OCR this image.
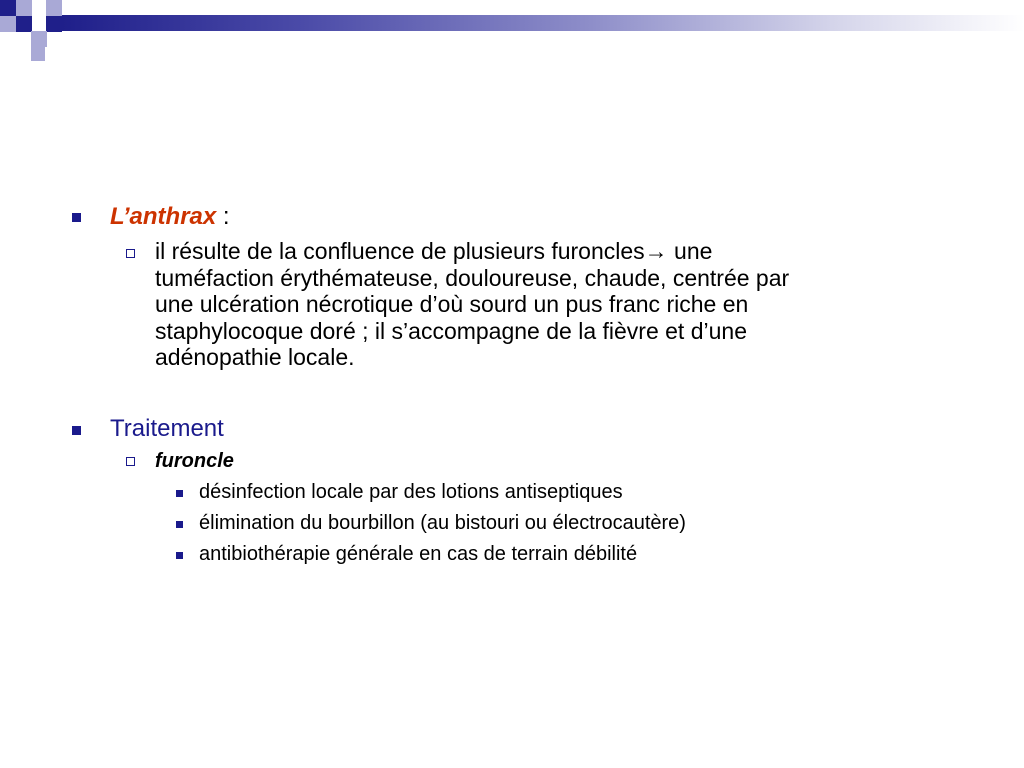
L’anthrax :
il résulte de la confluence de plusieurs furoncles→ une
tuméfaction érythémateuse, douloureuse, chaude, centrée par
une ulcération nécrotique d’où sourd un pus franc riche en
staphylocoque doré ; il s’accompagne de la fièvre et d’une
adénopathie locale.
Traitement
furoncle
désinfection locale par des lotions antiseptiques
élimination du bourbillon (au bistouri ou électrocautère)
antibiothérapie générale en cas de terrain débilité
